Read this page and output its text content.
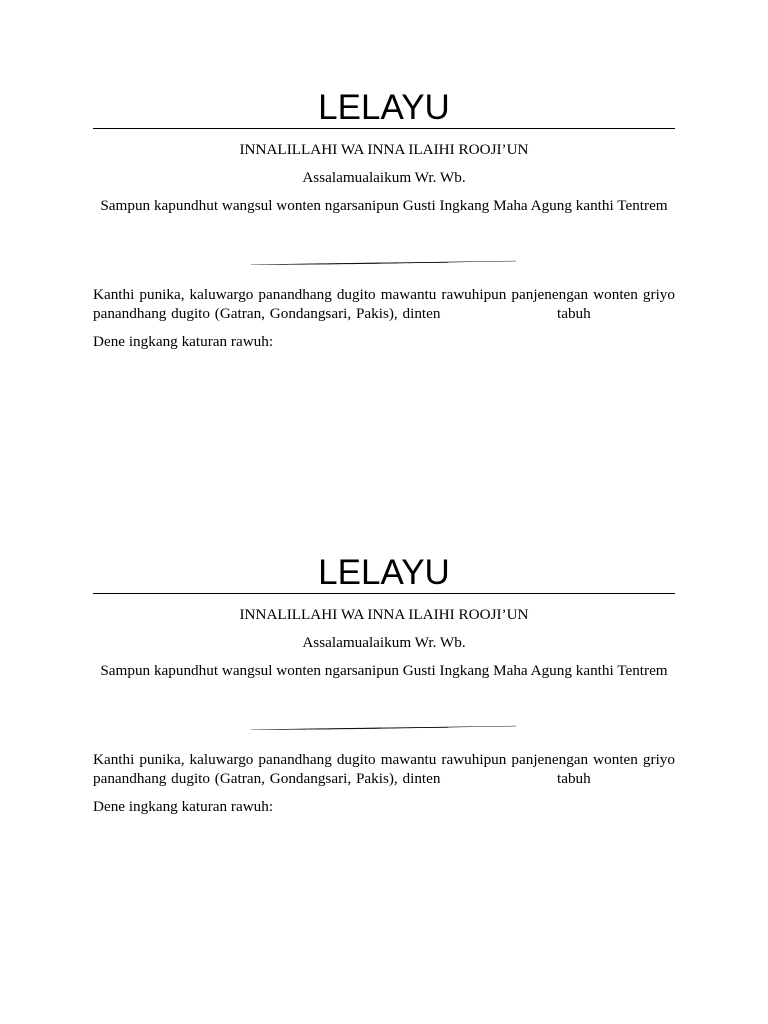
LELAYU
INNALILLAHI WA INNA ILAIHI ROOJI’UN
Assalamualaikum Wr. Wb.
Sampun kapundhut wangsul wonten ngarsanipun Gusti Ingkang Maha Agung kanthi Tentrem
Kanthi punika, kaluwargo panandhang dugito mawantu rawuhipun panjenengan wonten griyo
panandhang dugito (Gatran, Gondangsari, Pakis), dinten	tabuh
Dene ingkang katuran rawuh:
LELAYU
INNALILLAHI WA INNA ILAIHI ROOJI’UN
Assalamualaikum Wr. Wb.
Sampun kapundhut wangsul wonten ngarsanipun Gusti Ingkang Maha Agung kanthi Tentrem
Kanthi punika, kaluwargo panandhang dugito mawantu rawuhipun panjenengan wonten griyo
panandhang dugito (Gatran, Gondangsari, Pakis), dinten	tabuh
Dene ingkang katuran rawuh:
